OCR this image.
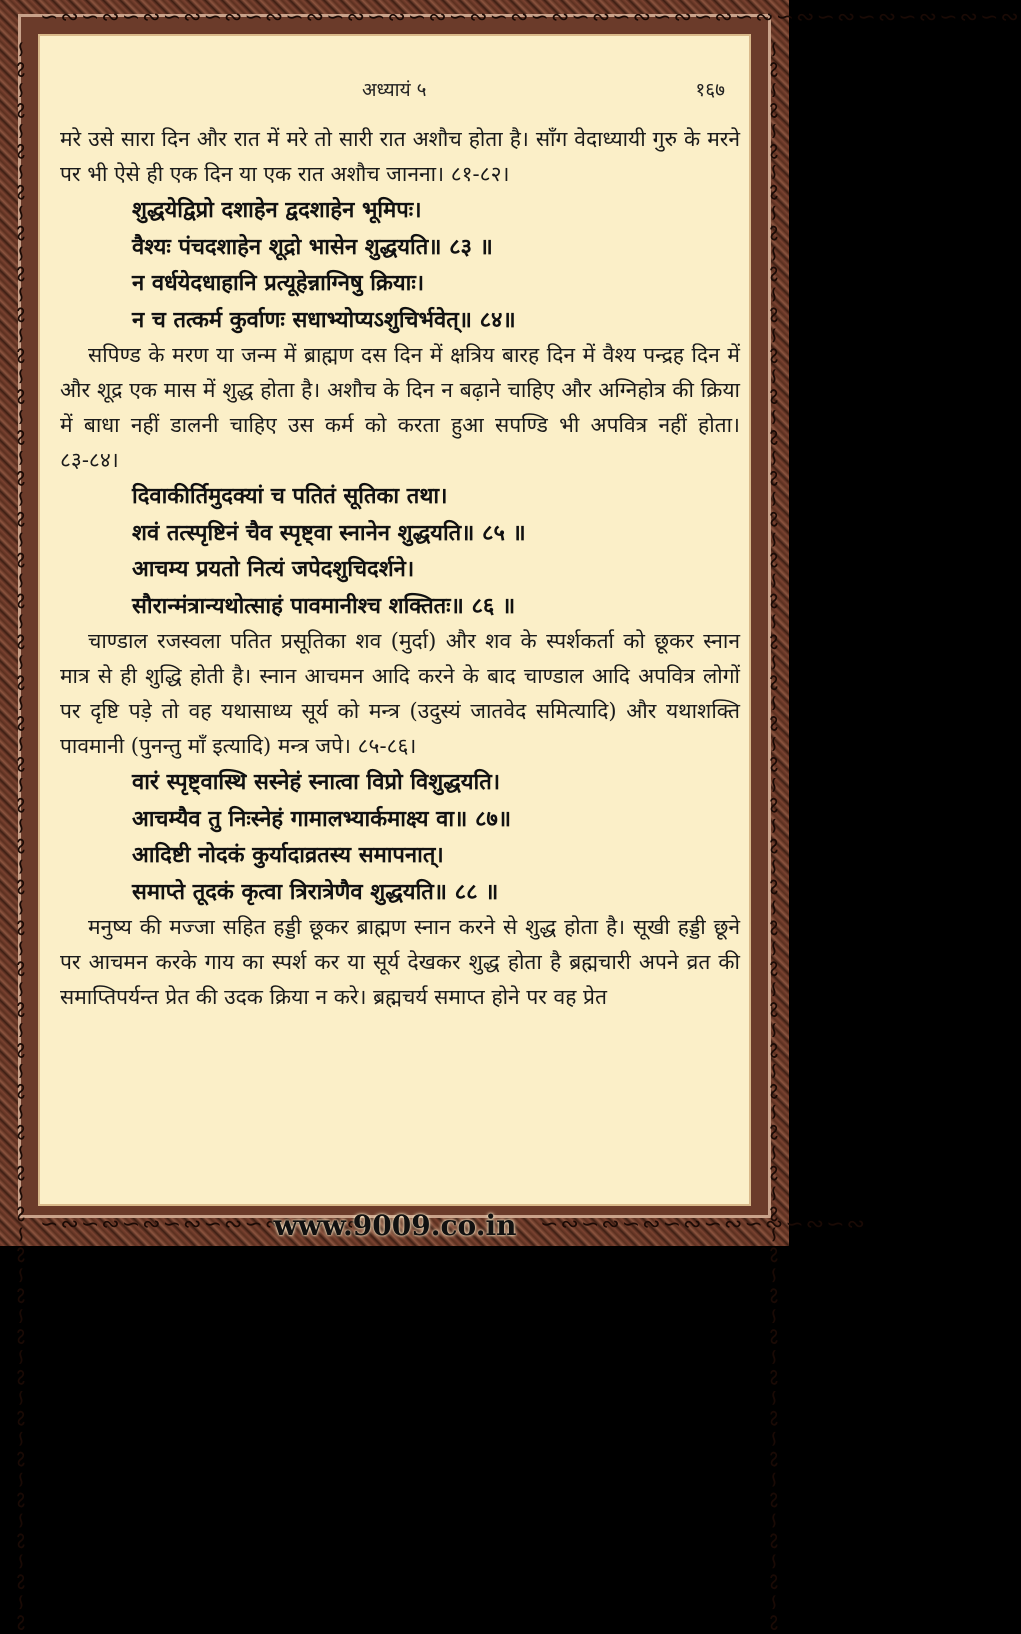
∽∾∽∾∽∾∽∾∽∾∽∾∽∾∽∾∽∾∽∾∽∾∽∾∽∾∽∾∽∾∽∾∽∾∽∾∽∾∽∾∽∾∽∾∽∾∽∾
∽∾∽∾∽∾∽∾∽∾∽∾∽∾∽∾∽∾∽∾∽∾∽∾∽∾∽∾∽∾∽∾∽∾∽∾∽∾∽∾∽∾∽∾∽∾∽∾∽∾∽∾∽∾∽∾∽∾∽∾∽∾∽∾∽∾∽∾∽∾∽∾∽∾∽∾∽∾	∽∾∽∾∽∾∽∾∽∾∽∾∽∾∽∾∽∾∽∾∽∾∽∾∽∾∽∾∽∾∽∾∽∾∽∾∽∾∽∾∽∾∽∾∽∾∽∾∽∾∽∾∽∾∽∾∽∾∽∾∽∾∽∾∽∾∽∾∽∾∽∾∽∾∽∾∽∾
∽∾∽∾∽∾∽∾∽∾∽∾∽∾∽∾	∽∾∽∾∽∾∽∾∽∾∽∾∽∾∽∾
अध्यायं ५	१६७

मरे उसे सारा दिन और रात में मरे तो सारी रात अशौच होता है। साँग वेदाध्यायी गुरु के मरने पर भी ऐसे ही एक दिन या एक रात अशौच जानना। ८१-८२।

शुद्धयेद्विप्रो दशाहेन द्वदशाहेन भूमिपः।

वैश्यः पंचदशाहेन शूद्रो भासेन शुद्धयति॥ ८३ ॥

न वर्धयेदधाहानि प्रत्यूहेन्नाग्निषु क्रियाः।

न च तत्कर्म कुर्वाणः सधाभ्योप्यऽशुचिर्भवेत्॥ ८४॥

सपिण्ड के मरण या जन्म में ब्राह्मण दस दिन में क्षत्रिय बारह दिन में वैश्य पन्द्रह दिन में और शूद्र एक मास में शुद्ध होता है। अशौच के दिन न बढ़ाने चाहिए और अग्निहोत्र की क्रिया में बाधा नहीं डालनी चाहिए उस कर्म को करता हुआ सपण्डि भी अपवित्र नहीं होता। ८३-८४।

दिवाकीर्तिमुदक्यां च पतितं सूतिका तथा।

शवं तत्स्पृष्टिनं चैव स्पृष्ट्वा स्नानेन शुद्धयति॥ ८५ ॥

आचम्य प्रयतो नित्यं जपेदशुचिदर्शने।

सौरान्मंत्रान्यथोत्साहं पावमानीश्च शक्तितः॥ ८६ ॥

चाण्डाल रजस्वला पतित प्रसूतिका शव (मुर्दा) और शव के स्पर्शकर्ता को छूकर स्नान मात्र से ही शुद्धि होती है। स्नान आचमन आदि करने के बाद चाण्डाल आदि अपवित्र लोगों पर दृष्टि पड़े तो वह यथासाध्य सूर्य को मन्त्र (उदुस्यं जातवेद समित्यादि) और यथाशक्ति पावमानी (पुनन्तु माँ इत्यादि) मन्त्र जपे। ८५-८६।

वारं स्पृष्ट्वास्थि सस्नेहं स्नात्वा विप्रो विशुद्धयति।

आचम्यैव तु निःस्नेहं गामालभ्यार्कमाक्ष्य वा॥ ८७॥

आदिष्टी नोदकं कुर्यादाव्रतस्य समापनात्।

समाप्ते तूदकं कृत्वा त्रिरात्रेणैव शुद्धयति॥ ८८ ॥

मनुष्य की मज्जा सहित हड्डी छूकर ब्राह्मण स्नान करने से शुद्ध होता है। सूखी हड्डी छूने पर आचमन करके गाय का स्पर्श कर या सूर्य देखकर शुद्ध होता है ब्रह्मचारी अपने व्रत की समाप्तिपर्यन्त प्रेत की उदक क्रिया न करे। ब्रह्मचर्य समाप्त होने पर वह प्रेत

www.9009.co.in
